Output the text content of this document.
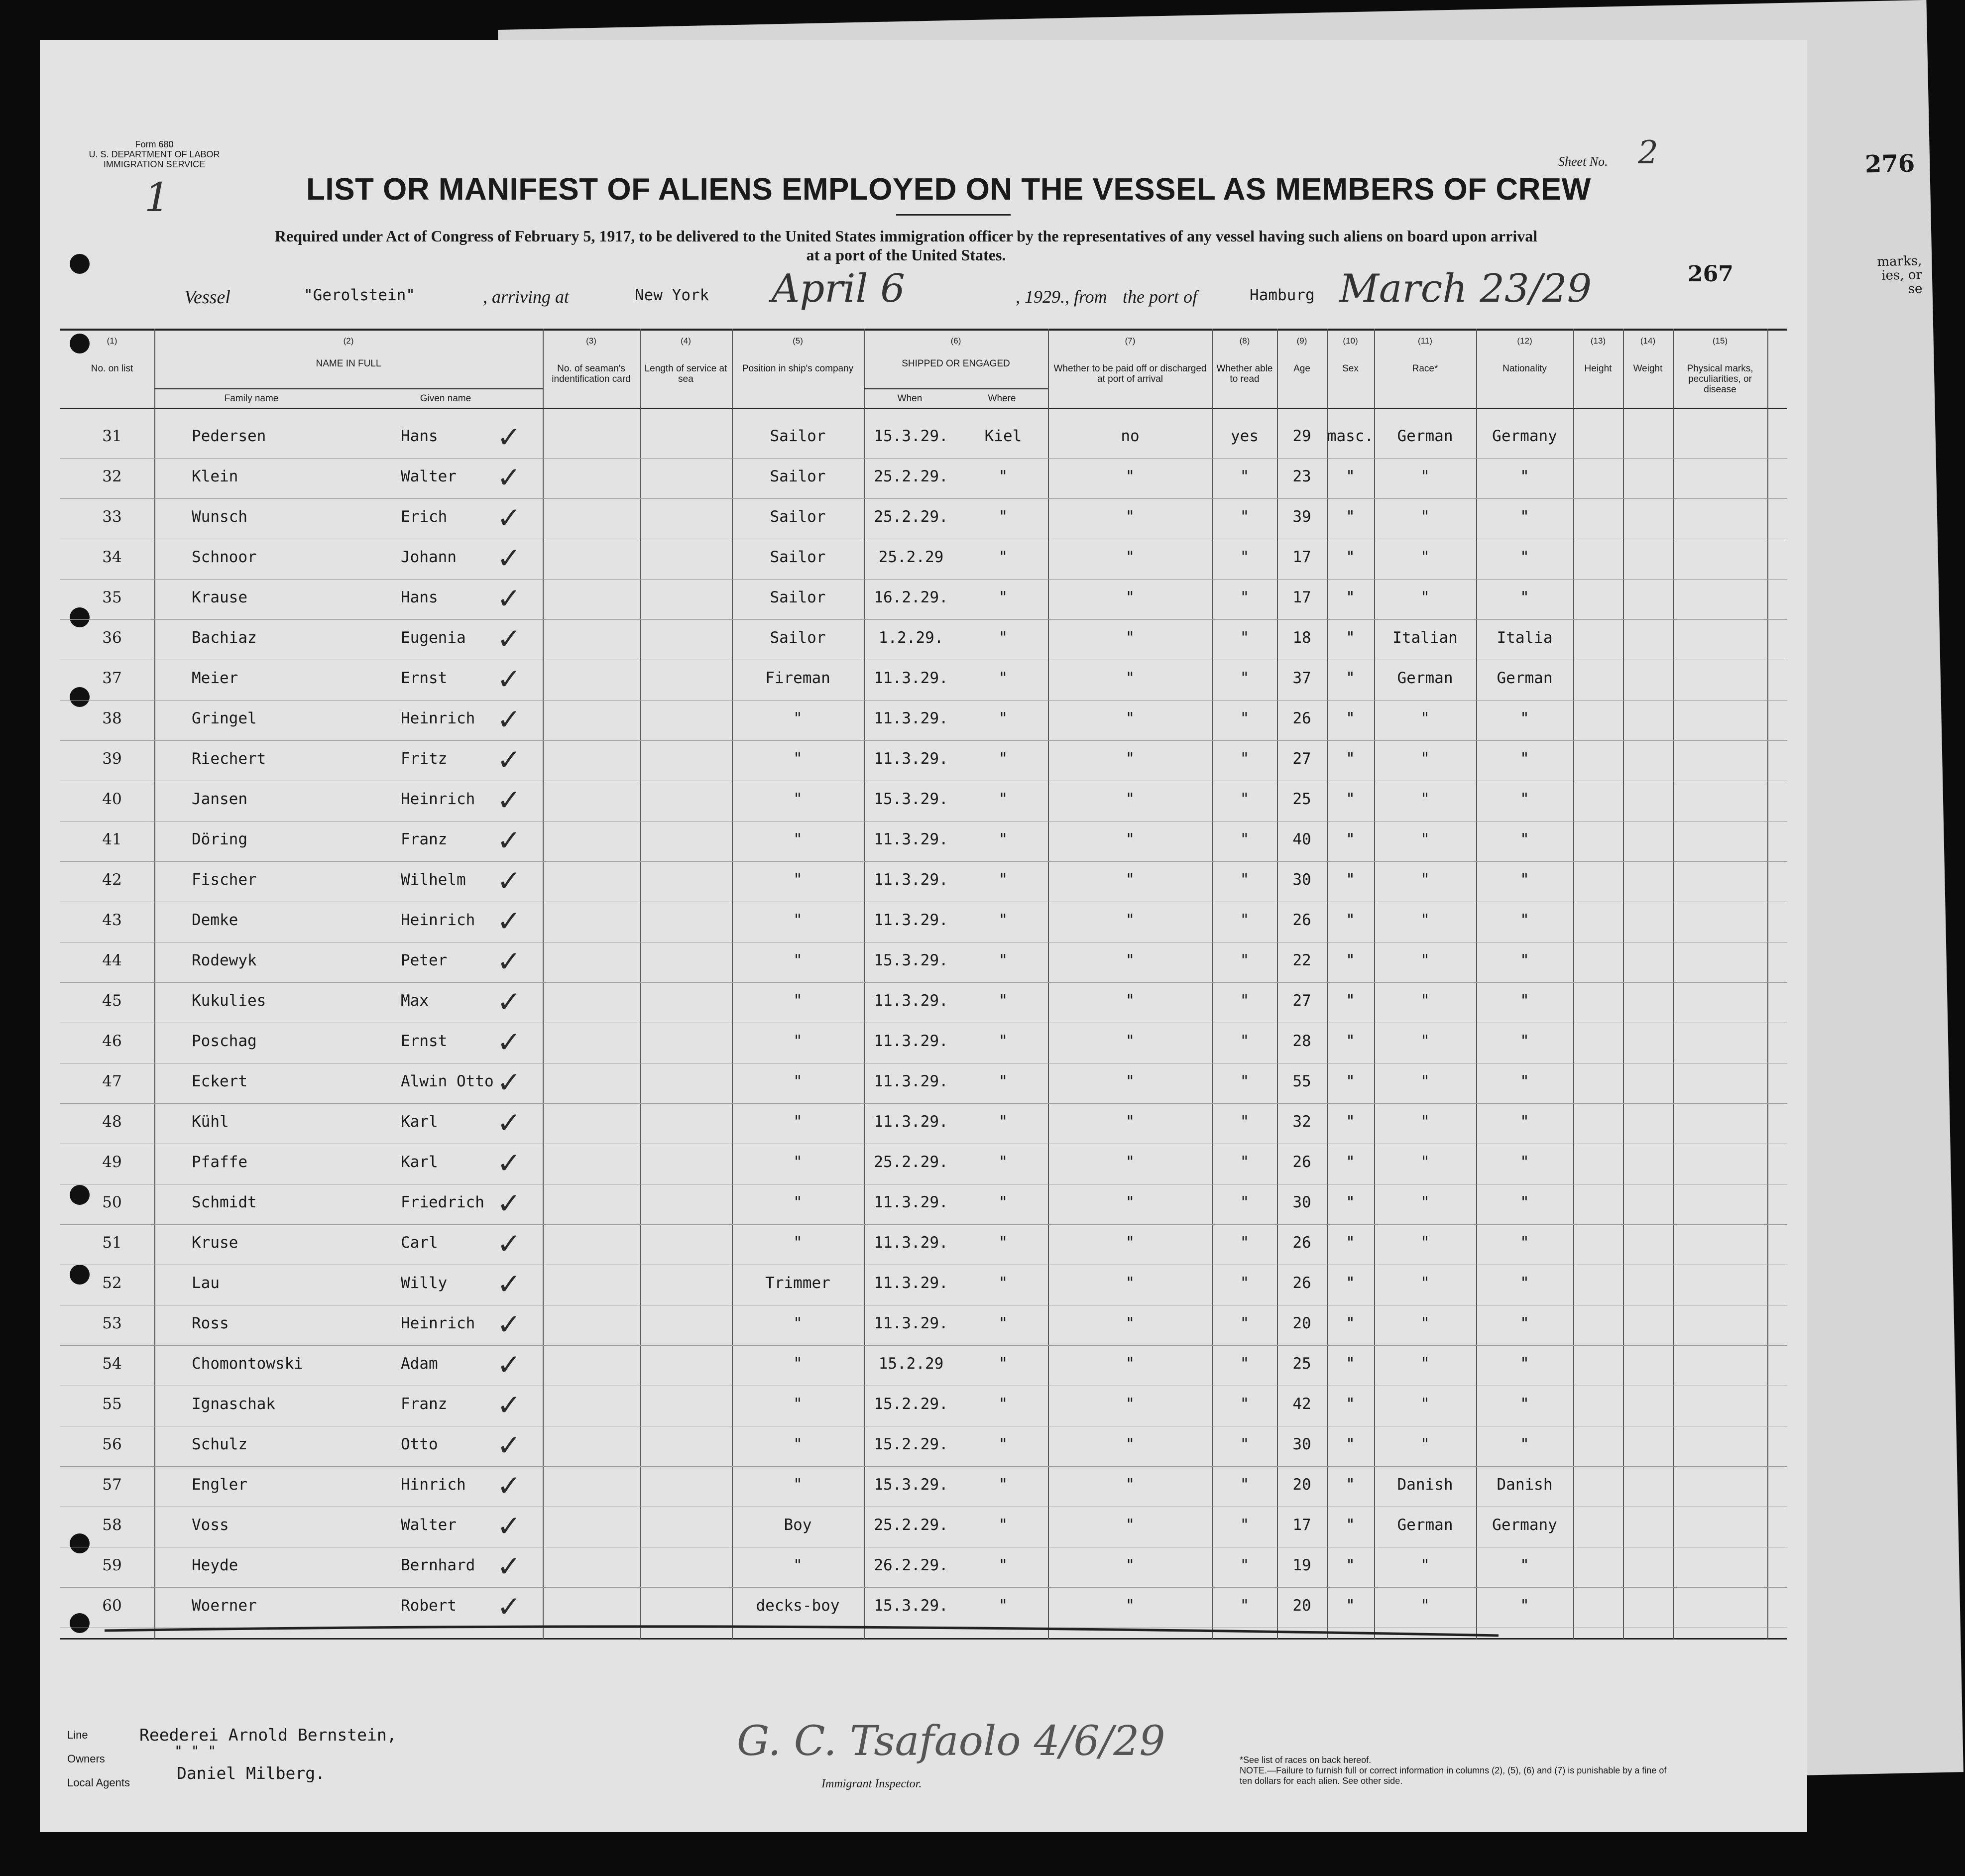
276
marks,
ies, or
se
Form 680
U. S. DEPARTMENT OF LABOR
IMMIGRATION SERVICE
1
Sheet No. 2
LIST OR MANIFEST OF ALIENS EMPLOYED ON THE VESSEL AS MEMBERS OF CREW
Required under Act of Congress of February 5, 1917, to be delivered to the United States immigration officer by the representatives of any vessel having such aliens on board upon arrival
at a port of the United States.
267
Vessel	"Gerolstein"	, arriving at	New York April 6	, 1929., from the port of	Hamburg March 23/29
(1)
No. on list
(2)
NAME IN FULL
Family name	Given name
(3)
No. of seaman's indentification card
(4)
Length of service at sea
(5)
Position in ship's company
(6)
SHIPPED OR ENGAGED
When	Where
(7)
Whether to be paid off or discharged at port of arrival
(8)
Whether able to read
(9)
Age
(10)
Sex
(11)
Race*
(12)
Nationality
(13)
Height
(14)
Weight
(15)
Physical marks, peculiarities, or disease
31	Pedersen	Hans	Sailor	15.3.29.	Kiel	no	yes	29	masc.	German	Germany
✓
32	Klein	Walter	Sailor	25.2.29.	"	"	"	23	"	"	"
✓
33	Wunsch	Erich	Sailor	25.2.29.	"	"	"	39	"	"	"
✓
34	Schnoor	Johann	Sailor	25.2.29	"	"	"	17	"	"	"
✓
35	Krause	Hans	Sailor	16.2.29.	"	"	"	17	"	"	"
✓
36	Bachiaz	Eugenia	Sailor	1.2.29.	"	"	"	18	"	Italian	Italia
✓
37	Meier	Ernst	Fireman	11.3.29.	"	"	"	37	"	German	German
✓
38	Gringel	Heinrich	"	11.3.29.	"	"	"	26	"	"	"
✓
39	Riechert	Fritz	"	11.3.29.	"	"	"	27	"	"	"
✓
40	Jansen	Heinrich	"	15.3.29.	"	"	"	25	"	"	"
✓
41	Döring	Franz	"	11.3.29.	"	"	"	40	"	"	"
✓
42	Fischer	Wilhelm	"	11.3.29.	"	"	"	30	"	"	"
✓
43	Demke	Heinrich	"	11.3.29.	"	"	"	26	"	"	"
✓
44	Rodewyk	Peter	"	15.3.29.	"	"	"	22	"	"	"
✓
45	Kukulies	Max	"	11.3.29.	"	"	"	27	"	"	"
✓
46	Poschag	Ernst	"	11.3.29.	"	"	"	28	"	"	"
✓
47	Eckert	Alwin Otto	"	11.3.29.	"	"	"	55	"	"	"
✓
48	Kühl	Karl	"	11.3.29.	"	"	"	32	"	"	"
✓
49	Pfaffe	Karl	"	25.2.29.	"	"	"	26	"	"	"
✓
50	Schmidt	Friedrich	"	11.3.29.	"	"	"	30	"	"	"
✓
51	Kruse	Carl	"	11.3.29.	"	"	"	26	"	"	"
✓
52	Lau	Willy	Trimmer	11.3.29.	"	"	"	26	"	"	"
✓
53	Ross	Heinrich	"	11.3.29.	"	"	"	20	"	"	"
✓
54	Chomontowski	Adam	"	15.2.29	"	"	"	25	"	"	"
✓
55	Ignaschak	Franz	"	15.2.29.	"	"	"	42	"	"	"
✓
56	Schulz	Otto	"	15.2.29.	"	"	"	30	"	"	"
✓
57	Engler	Hinrich	"	15.3.29.	"	"	"	20	"	Danish	Danish
✓
58	Voss	Walter	Boy	25.2.29.	"	"	"	17	"	German	Germany
✓
59	Heyde	Bernhard	"	26.2.29.	"	"	"	19	"	"	"
✓
60	Woerner	Robert	decks-boy	15.3.29.	"	"	"	20	"	"	"
✓
Line	Reederei Arnold Bernstein,
Owners	" " "
Local Agents	Daniel Milberg.
G. C. Tsafaolo 4/6/29
Immigrant Inspector.
*See list of races on back hereof.
NOTE.—Failure to furnish full or correct information in columns (2), (5), (6) and (7) is punishable by a fine of ten dollars for each alien. See other side.
